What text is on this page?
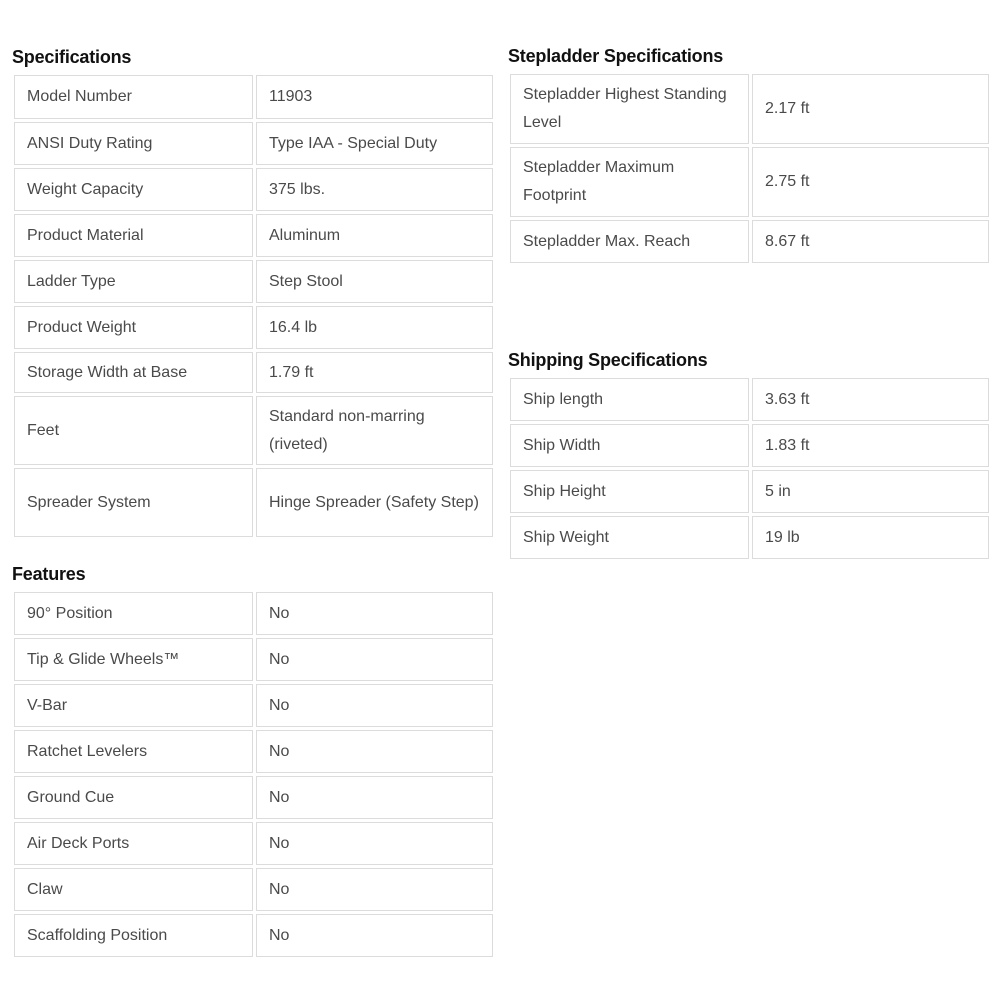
Specifications
Model Number	11903
ANSI Duty Rating	Type IAA - Special Duty
Weight Capacity	375 lbs.
Product Material	Aluminum
Ladder Type	Step Stool
Product Weight	16.4 lb
Storage Width at Base	1.79 ft
Feet	Standard non-marring (riveted)
Spreader System	Hinge Spreader (Safety Step)
Features
90° Position	No
Tip & Glide Wheels™	No
V-Bar	No
Ratchet Levelers	No
Ground Cue	No
Air Deck Ports	No
Claw	No
Scaffolding Position	No
Stepladder Specifications
Stepladder Highest Standing Level	2.17 ft
Stepladder Maximum Footprint	2.75 ft
Stepladder Max. Reach	8.67 ft
Shipping Specifications
Ship length	3.63 ft
Ship Width	1.83 ft
Ship Height	5 in
Ship Weight	19 lb
